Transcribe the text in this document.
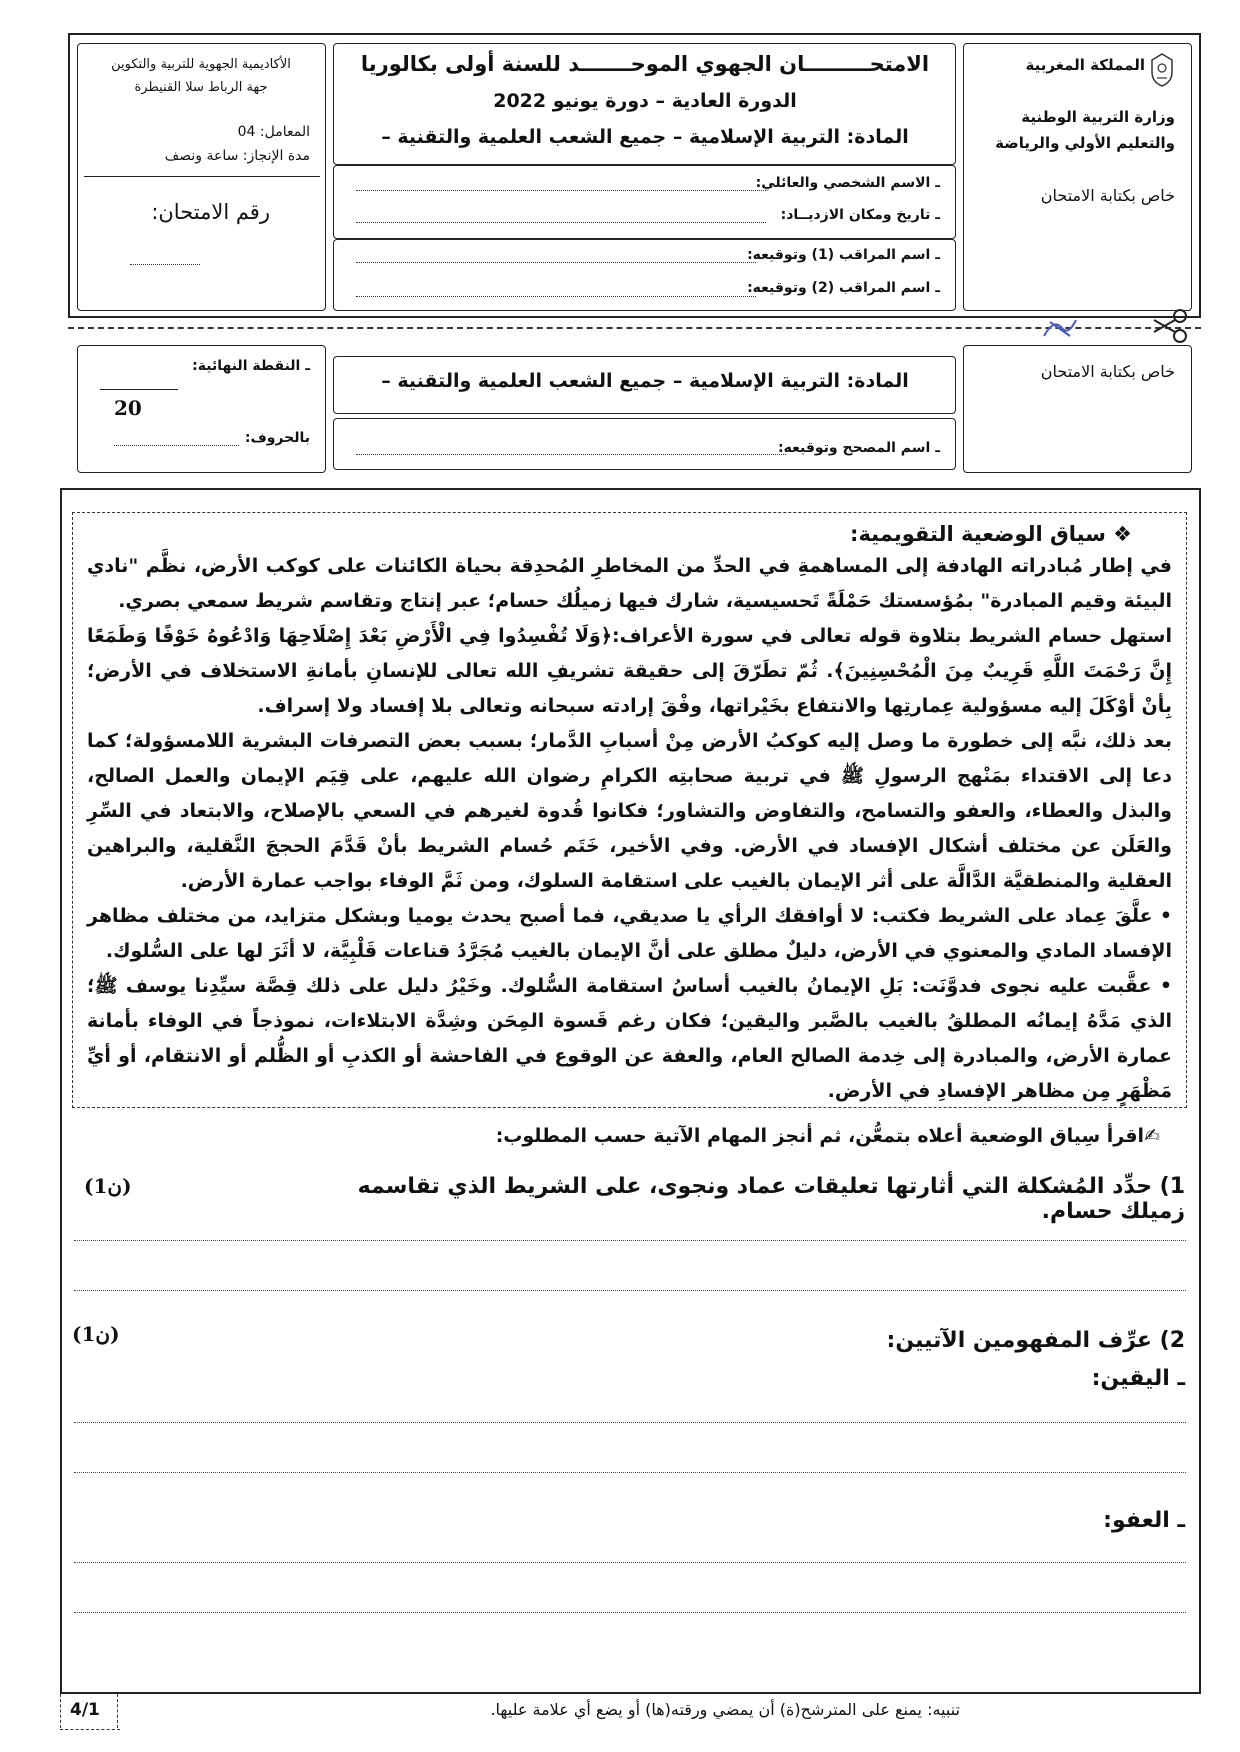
المملكة المغربية
وزارة التربية الوطنية
والتعليم الأولي والرياضة
خاص بكتابة الامتحان
الامتحـــــــــان الجهوي الموحـــــــد للسنة أولى بكالوريا
الدورة العادية – دورة يونيو 2022
المادة: التربية الإسلامية – جميع الشعب العلمية والتقنية –
ـ الاسم الشخصي والعائلي:
ـ تاريخ ومكان الازديــاد:
ـ اسم المراقب (1) وتوقيعه:
ـ اسم المراقب (2) وتوقيعه:
الأكاديمية الجهوية للتربية والتكوين
جهة الرباط سلا القنيطرة
المعامل: 04
مدة الإنجاز: ساعة ونصف
رقم الامتحان:
خاص بكتابة الامتحان
المادة: التربية الإسلامية – جميع الشعب العلمية والتقنية –
ـ اسم المصحح وتوقيعه:
ـ النقطة النهائية:
20
بالحروف:

❖ سياق الوضعية التقويمية:

في إطار مُبادراته الهادفة إلى المساهمةِ في الحدِّ من المخاطرِ المُحدِقة بحياة الكائنات على كوكب الأرض، نظَّم "نادي البيئة وقيم المبادرة" بمُؤسستك حَمْلَةً تَحسيسية، شارك فيها زميلُك حسام؛ عبر إنتاج وتقاسم شريط سمعي بصري.

استهل حسام الشريط بتلاوة قوله تعالى في سورة الأعراف:﴿وَلَا تُفْسِدُوا فِي الْأَرْضِ بَعْدَ إِصْلَاحِهَا وَادْعُوهُ خَوْفًا وَطَمَعًا إِنَّ رَحْمَتَ اللَّهِ قَرِيبٌ مِنَ الْمُحْسِنِينَ﴾. ثُمّ تطَرّقَ إلى حقيقة تشريفِ الله تعالى للإنسانِ بأمانةِ الاستخلاف في الأرض؛ بِأنْ أوْكَلَ إليه مسؤولية عِمارتِها والانتفاع بخَيْراتها، وفْقَ إرادته سبحانه وتعالى بلا إفساد ولا إسراف.

بعد ذلك، نبَّه إلى خطورة ما وصل إليه كوكبُ الأرض مِنْ أسبابِ الدَّمار؛ بسبب بعض التصرفات البشرية اللامسؤولة؛ كما دعا إلى الاقتداء بمَنْهج الرسولِ ﷺ في تربية صحابتِه الكرامِ رضوان الله عليهم، على قِيَم الإيمان والعمل الصالح، والبذل والعطاء، والعفو والتسامح، والتفاوض والتشاور؛ فكانوا قُدوة لغيرهم في السعي بالإصلاح، والابتعاد في السِّرِ والعَلَن عن مختلف أشكال الإفساد في الأرض. وفي الأخير، خَتَم حُسام الشريط بأنْ قَدَّمَ الحججَ النَّقلية، والبراهين العقلية والمنطقيَّة الدَّالَّة على أثر الإيمان بالغيب على استقامة السلوك، ومن ثَمَّ الوفاء بواجب عمارة الأرض.

• علَّقَ عِماد على الشريط فكتب: لا أوافقك الرأي يا صديقي، فما أصبح يحدث يوميا وبشكل متزايد، من مختلف مظاهر الإفساد المادي والمعنوي في الأرض، دليلٌ مطلق على أنَّ الإيمان بالغيب مُجَرَّدُ قناعات قَلْبِيَّة، لا أثَرَ لها على السُّلوك.

• عقَّبت عليه نجوى فدوَّنَت: بَلِ الإيمانُ بالغيب أساسُ استقامة السُّلوك. وخَيْرُ دليل على ذلك قِصَّة سيِّدِنا يوسف ﷺ؛ الذي مَدَّهُ إيمانُه المطلقُ بالغيب بالصَّبر واليقين؛ فكان رغم قَسوة المِحَن وشِدَّة الابتلاءات، نموذجاً في الوفاء بأمانة عمارة الأرض، والمبادرة إلى خِدمة الصالح العام، والعفة عن الوقوع في الفاحشة أو الكذبِ أو الظُّلم أو الانتقام، أو أيِّ مَظْهَرٍ مِن مظاهر الإفسادِ في الأرض.

✍اقرأ سِياق الوضعية أعلاه بتمعُّن، ثم أنجز المهام الآتية حسب المطلوب:
1) حدِّد المُشكلة التي أثارتها تعليقات عماد ونجوى، على الشريط الذي تقاسمه زميلك حسام.
(1ن)
2) عرِّف المفهومين الآتيين:
(1ن)
ـ اليقين:
ـ العفو:
4/1	تنبيه: يمنع على المترشح(ة) أن يمضي ورقته(ها) أو يضع أي علامة عليها.
